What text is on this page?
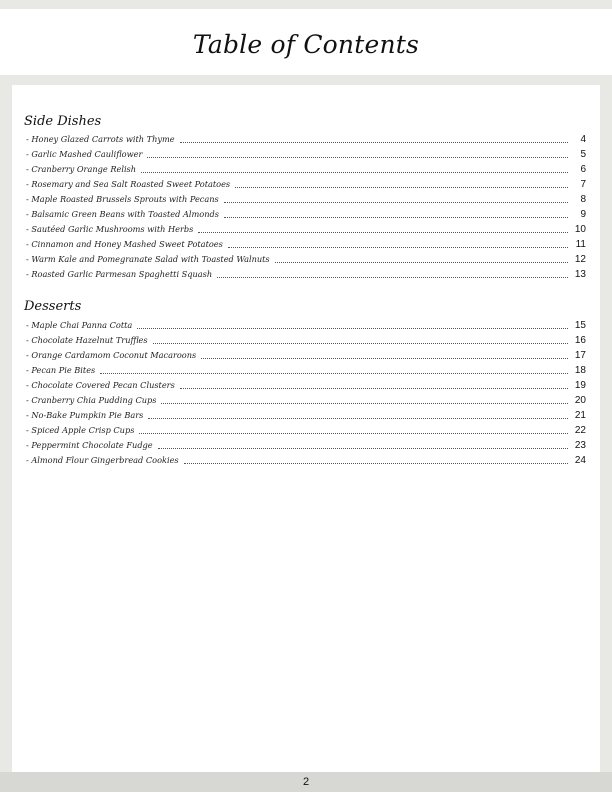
Table of Contents
Side Dishes
- Honey Glazed Carrots with Thyme	4
- Garlic Mashed Cauliflower	5
- Cranberry Orange Relish	6
- Rosemary and Sea Salt Roasted Sweet Potatoes	7
- Maple Roasted Brussels Sprouts with Pecans	8
- Balsamic Green Beans with Toasted Almonds	9
- Sautéed Garlic Mushrooms with Herbs	10
- Cinnamon and Honey Mashed Sweet Potatoes	11
- Warm Kale and Pomegranate Salad with Toasted Walnuts	12
- Roasted Garlic Parmesan Spaghetti Squash	13
Desserts
- Maple Chai Panna Cotta	15
- Chocolate Hazelnut Truffles	16
- Orange Cardamom Coconut Macaroons	17
- Pecan Pie Bites	18
- Chocolate Covered Pecan Clusters	19
- Cranberry Chia Pudding Cups	20
- No-Bake Pumpkin Pie Bars	21
- Spiced Apple Crisp Cups	22
- Peppermint Chocolate Fudge	23
- Almond Flour Gingerbread Cookies	24
2
